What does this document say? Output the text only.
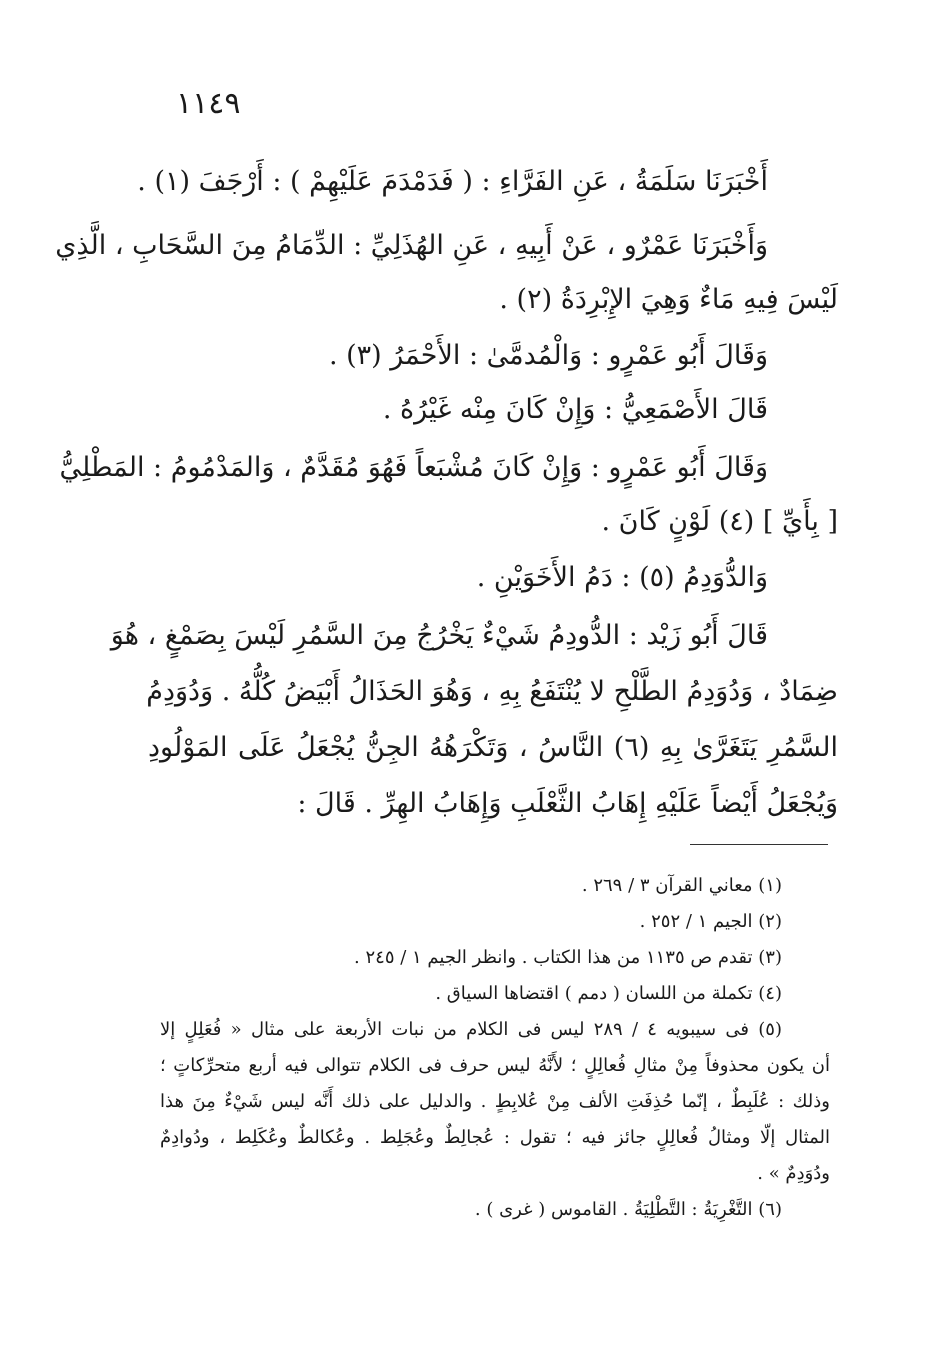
١١٤٩
أَخْبَرَنَا سَلَمَةُ ، عَنِ الفَرَّاءِ : ( فَدَمْدَمَ عَلَيْهِمْ ) : أَرْجَفَ (١) .
وَأَخْبَرَنَا عَمْرٌو ، عَنْ أَبِيهِ ، عَنِ الهُذَلِيِّ : الدِّمَامُ مِنَ السَّحَابِ ، الَّذِي
لَيْسَ فِيهِ مَاءٌ وَهِيَ الإِبْرِدَةُ (٢) .
وَقَالَ أَبُو عَمْرٍو : وَالْمُدمَّىٰ : الأَحْمَرُ (٣) .
قَالَ الأَصْمَعِيُّ : وَإِنْ كَانَ مِنْه غَيْرُهُ .
وَقَالَ أَبُو عَمْرٍو : وَإِنْ كَانَ مُشْبَعاً فَهُوَ مُقَدَّمٌ ، وَالمَدْمُومُ : المَطْلِيُّ
[ بِأَيِّ ] (٤) لَوْنٍ كَانَ .
وَالدُّوَدِمُ (٥) : دَمُ الأَخَوَيْنِ .
قَالَ أَبُو زَيْد : الدُّودِمُ شَيْءٌ يَخْرُجُ مِنَ السَّمُرِ لَيْسَ بِصَمْغٍ ، هُوَ
ضِمَادٌ ، وَدُوَدِمُ الطَّلْحِ لا يُنْتَفَعُ بِهِ ، وَهُوَ الحَذَالُ أَبْيَضُ كُلُّهُ . وَدُوَدِمُ
السَّمُرِ يَتَغَرَّىٰ بِهِ (٦) النَّاسُ ، وَتَكْرَهُهُ الجِنُّ يُجْعَلُ عَلَى المَوْلُودِ
وَيُجْعَلُ أَيْضاً عَلَيْهِ إِهَابُ الثَّعْلَبِ وَإِهَابُ الهِرِّ . قَالَ :
(١) معاني القرآن ٣ / ٢٦٩ .
(٢) الجيم ١ / ٢٥٢ .
(٣) تقدم ص ١١٣٥ من هذا الكتاب . وانظر الجيم ١ / ٢٤٥ .
(٤) تكملة من اللسان ( دمم ) اقتضاها السياق .
(٥) فى سيبويه ٤ / ٢٨٩ ليس فى الكلام من نبات الأربعة على مثال « فُعَلِلٍ إلا
أن يكون محذوفاً مِنْ مثالِ فُعالِلٍ ؛ لأَنَّهُ ليس حرف فى الكلام تتوالى فيه أربع متحرِّكاتٍ ؛
وذلك : عُلَبِطٌ ، إنّما حُذِفَتِ الألف مِنْ عُلابِطٍ . والدليل على ذلك أَنَّه ليس شَيْءٌ مِنَ هذا
المثال إلّا ومثالُ فُعالِلٍ جائز فيه ؛ تقول : عُجالِطٌ وعُجَلِط . وعُكالطٌ وعُكَلِط ، ودُوادِمٌ
ودُوَدِمٌ » .
(٦) التَّغْرِيَةُ : التَّطْلِيَةُ . القاموس ( غرى ) .
